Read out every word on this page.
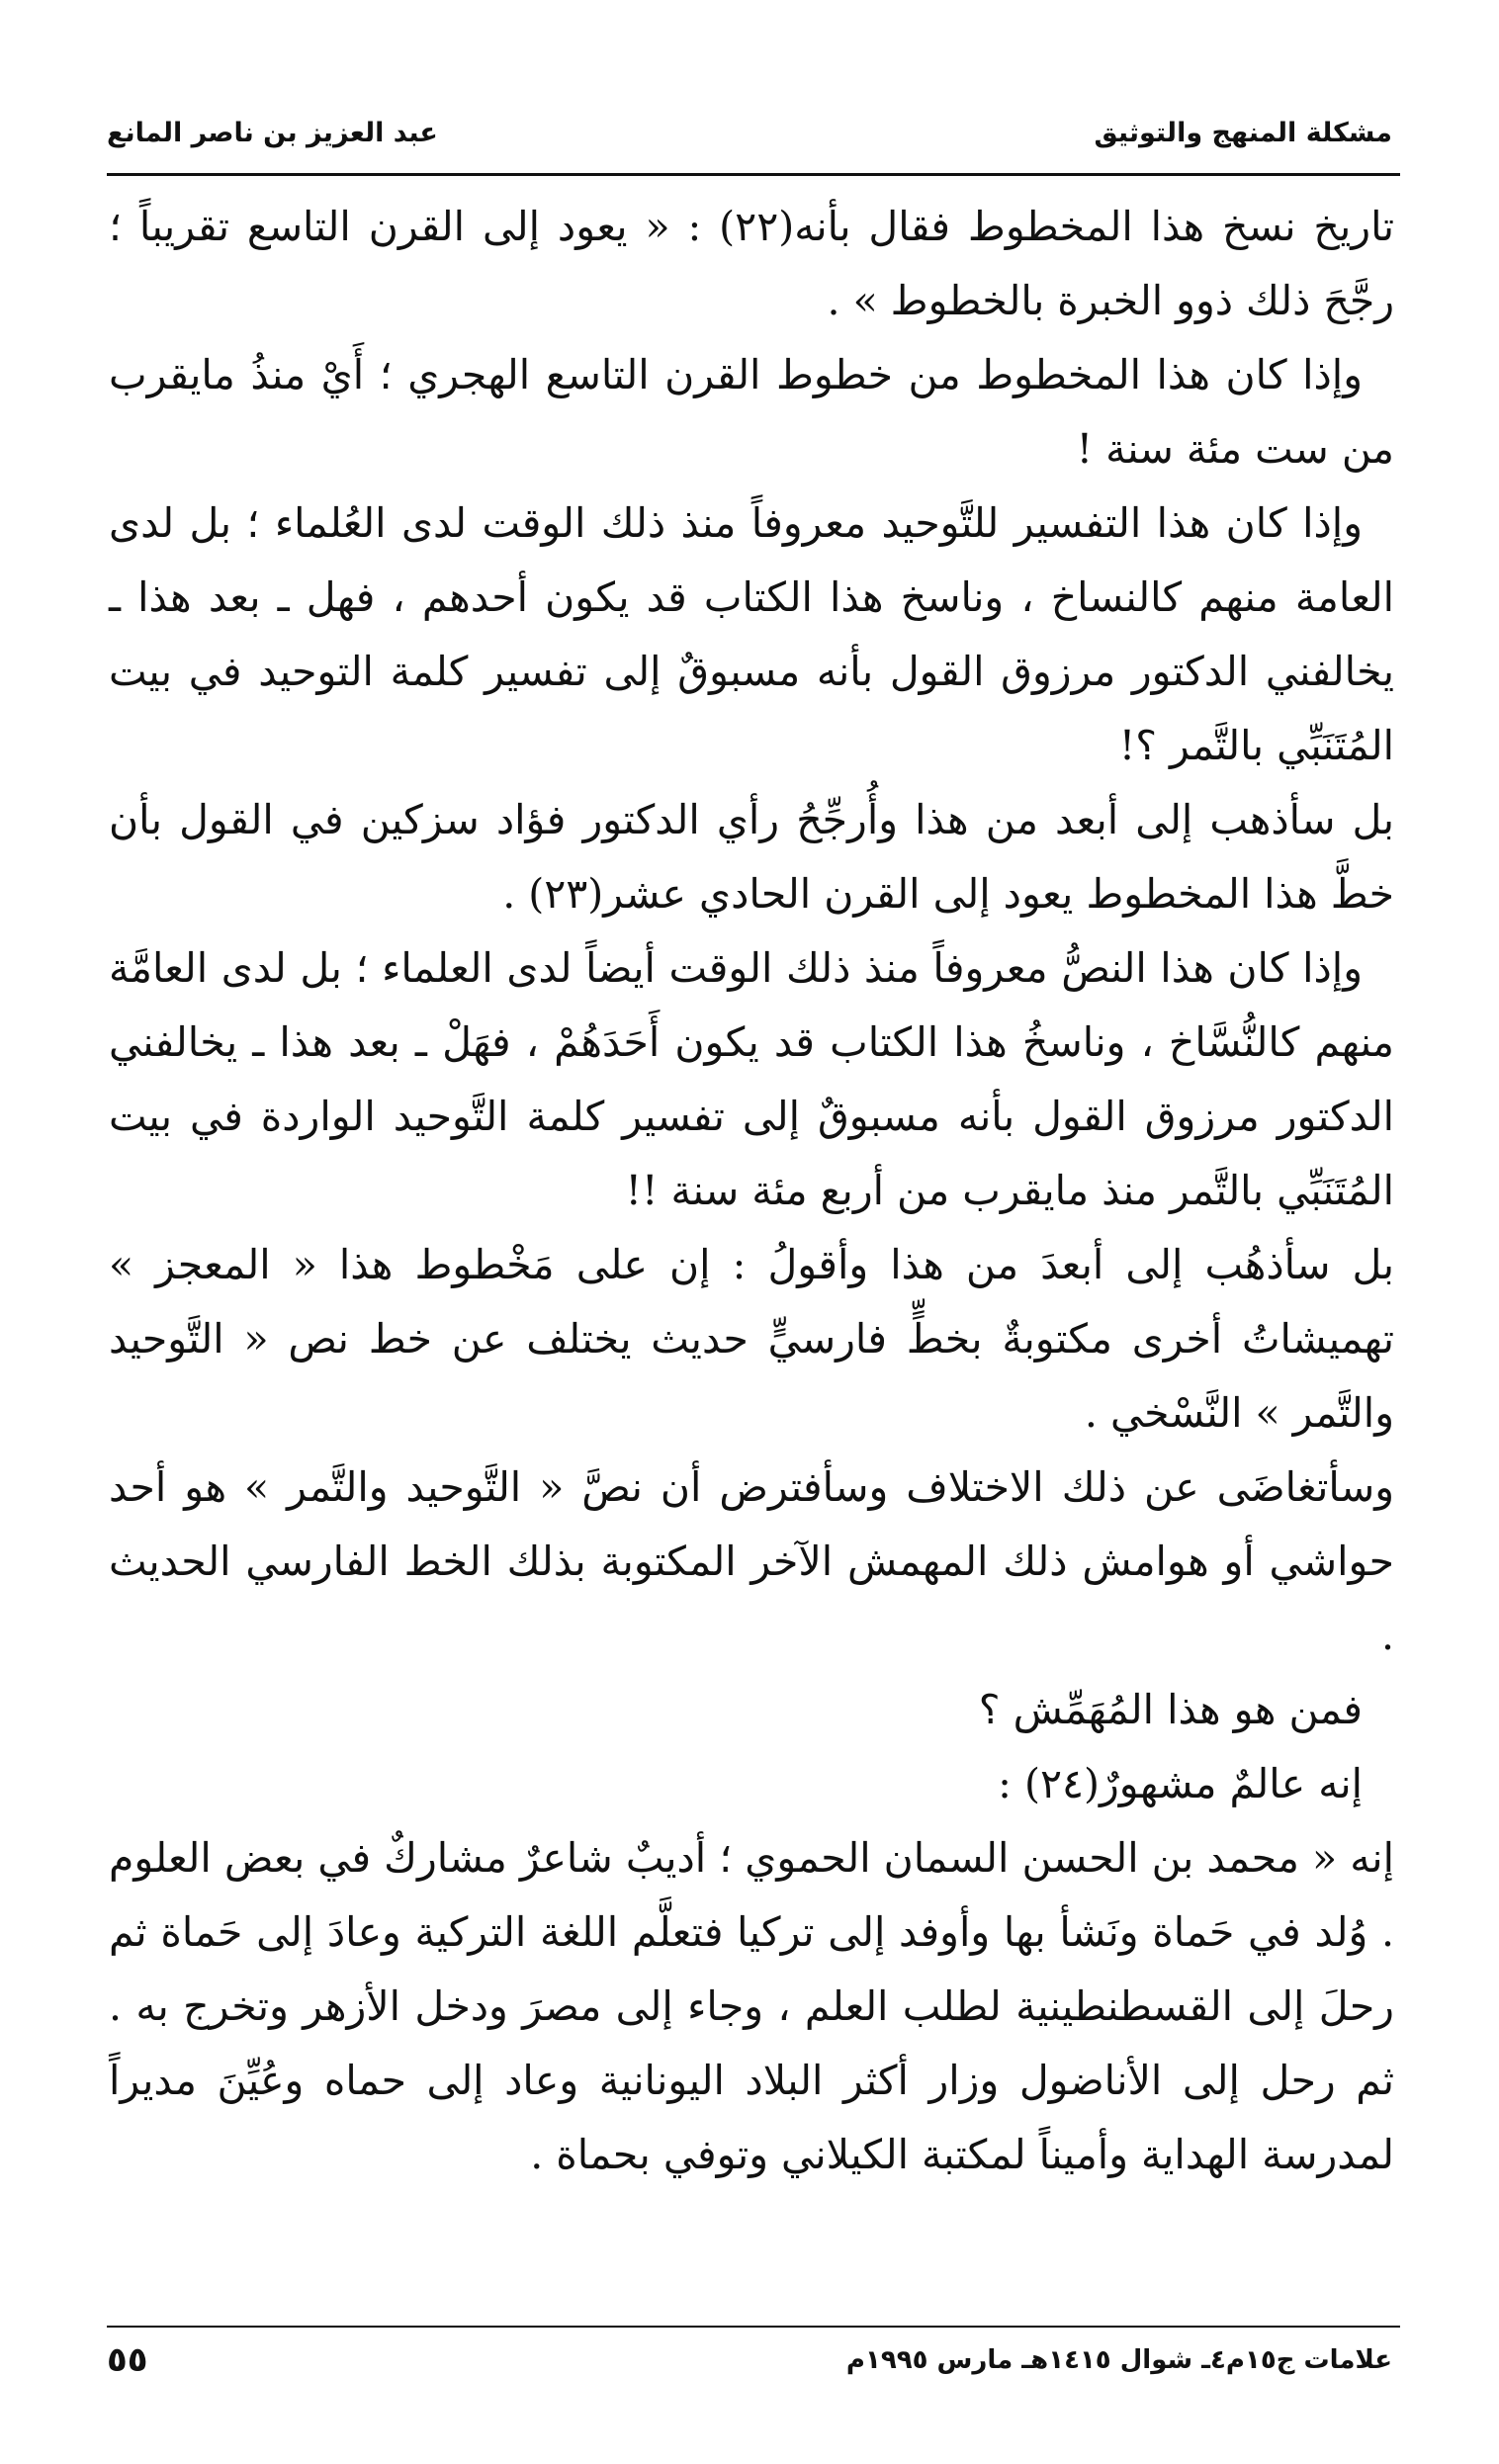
مشكلة المنهج والتوثيق
عبد العزيز بن ناصر المانع

تاريخ نسخ هذا المخطوط فقال بأنه(٢٢) : « يعود إلى القرن التاسع تقريباً ؛ رجَّحَ ذلك ذوو الخبرة بالخطوط » .

وإذا كان هذا المخطوط من خطوط القرن التاسع الهجري ؛ أَيْ منذُ مايقرب من ست مئة سنة !

وإذا كان هذا التفسير للتَّوحيد معروفاً منذ ذلك الوقت لدى العُلماء ؛ بل لدى العامة منهم كالنساخ ، وناسخ هذا الكتاب قد يكون أحدهم ، فهل ـ بعد هذا ـ يخالفني الدكتور مرزوق القول بأنه مسبوقٌ إلى تفسير كلمة التوحيد في بيت المُتَنَبِّي بالتَّمر ؟!

بل سأذهب إلى أبعد من هذا وأُرجِّحُ رأي الدكتور فؤاد سزكين في القول بأن خطَّ هذا المخطوط يعود إلى القرن الحادي عشر(٢٣) .

وإذا كان هذا النصُّ معروفاً منذ ذلك الوقت أيضاً لدى العلماء ؛ بل لدى العامَّة منهم كالنُّسَّاخ ، وناسخُ هذا الكتاب قد يكون أَحَدَهُمْ ، فهَلْ ـ بعد هذا ـ يخالفني الدكتور مرزوق القول بأنه مسبوقٌ إلى تفسير كلمة التَّوحيد الواردة في بيت المُتَنَبِّي بالتَّمر منذ مايقرب من أربع مئة سنة !!

بل سأذهُب إلى أبعدَ من هذا وأقولُ : إن على مَخْطوط هذا « المعجز » تهميشاتُ أخرى مكتوبةٌ بخطٍّ فارسيٍّ حديث يختلف عن خط نص « التَّوحيد والتَّمر » النَّسْخي .

وسأتغاضَى عن ذلك الاختلاف وسأفترض أن نصَّ « التَّوحيد والتَّمر » هو أحد حواشي أو هوامش ذلك المهمش الآخر المكتوبة بذلك الخط الفارسي الحديث .

فمن هو هذا المُهَمِّش ؟

إنه عالمٌ مشهورٌ(٢٤) :

إنه « محمد بن الحسن السمان الحموي ؛ أديبٌ شاعرٌ مشاركٌ في بعض العلوم . وُلد في حَماة ونَشأ بها وأوفد إلى تركيا فتعلَّم اللغة التركية وعادَ إلى حَماة ثم رحلَ إلى القسطنطينية لطلب العلم ، وجاء إلى مصرَ ودخل الأزهر وتخرج به . ثم رحل إلى الأناضول وزار أكثر البلاد اليونانية وعاد إلى حماه وعُيِّنَ مديراً لمدرسة الهداية وأميناً لمكتبة الكيلاني وتوفي بحماة .

علامات ج١٥م٤ـ شوال ١٤١٥هـ مارس ١٩٩٥م
٥٥
